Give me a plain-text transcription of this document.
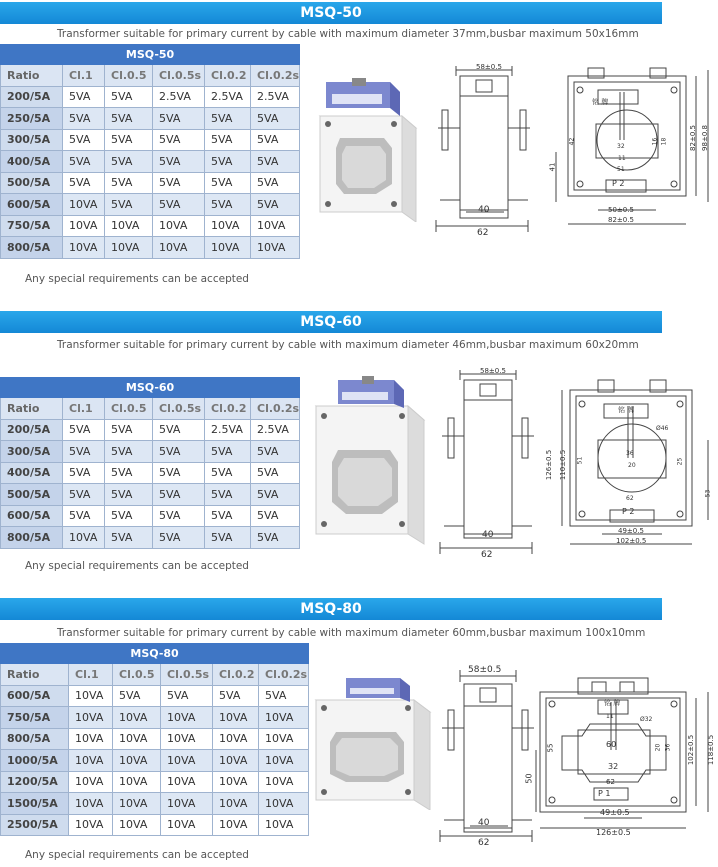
MSQ-50
Transformer suitable for primary current by cable with maximum diameter 37mm,busbar maximum 50x16mm
MSQ-50					
Ratio	Cl.1	Cl.0.5	Cl.0.5s	Cl.0.2	Cl.0.2s
200/5A	5VA	5VA	2.5VA	2.5VA	2.5VA
250/5A	5VA	5VA	5VA	5VA	5VA
300/5A	5VA	5VA	5VA	5VA	5VA
400/5A	5VA	5VA	5VA	5VA	5VA
500/5A	5VA	5VA	5VA	5VA	5VA
600/5A	10VA	5VA	5VA	5VA	5VA
750/5A	10VA	10VA	10VA	10VA	10VA
800/5A	10VA	10VA	10VA	10VA	10VA
Any special requirements can be accepted
58±0.5
40
62
铭 牌
P 2
50±0.5
82±0.5
82±0.5 98±0.8
41
42
32
11
51
16 18
MSQ-60
Transformer suitable for primary current by cable with maximum diameter 46mm,busbar maximum 60x20mm
MSQ-60					
Ratio	Cl.1	Cl.0.5	Cl.0.5s	Cl.0.2	Cl.0.2s
200/5A	5VA	5VA	5VA	2.5VA	2.5VA
300/5A	5VA	5VA	5VA	5VA	5VA
400/5A	5VA	5VA	5VA	5VA	5VA
500/5A	5VA	5VA	5VA	5VA	5VA
600/5A	5VA	5VA	5VA	5VA	5VA
800/5A	10VA	5VA	5VA	5VA	5VA
Any special requirements can be accepted
58±0.5
40
62
铭 牌
P 2
49±0.5
102±0.5
126±0.5 110±0.5 51
Ø46
36
20
62
25
53
MSQ-80
Transformer suitable for primary current by cable with maximum diameter 60mm,busbar maximum 100x10mm
MSQ-80					
Ratio	Cl.1	Cl.0.5	Cl.0.5s	Cl.0.2	Cl.0.2s
600/5A	10VA	5VA	5VA	5VA	5VA
750/5A	10VA	10VA	10VA	10VA	10VA
800/5A	10VA	10VA	10VA	10VA	10VA
1000/5A	10VA	10VA	10VA	10VA	10VA
1200/5A	10VA	10VA	10VA	10VA	10VA
1500/5A	10VA	10VA	10VA	10VA	10VA
2500/5A	10VA	10VA	10VA	10VA	10VA
Any special requirements can be accepted
58±0.5
40
62
铭 牌
P 1
49±0.5
126±0.5
102±0.5 118±0.5
50
60
32
62
55	20 36
11	Ø32
